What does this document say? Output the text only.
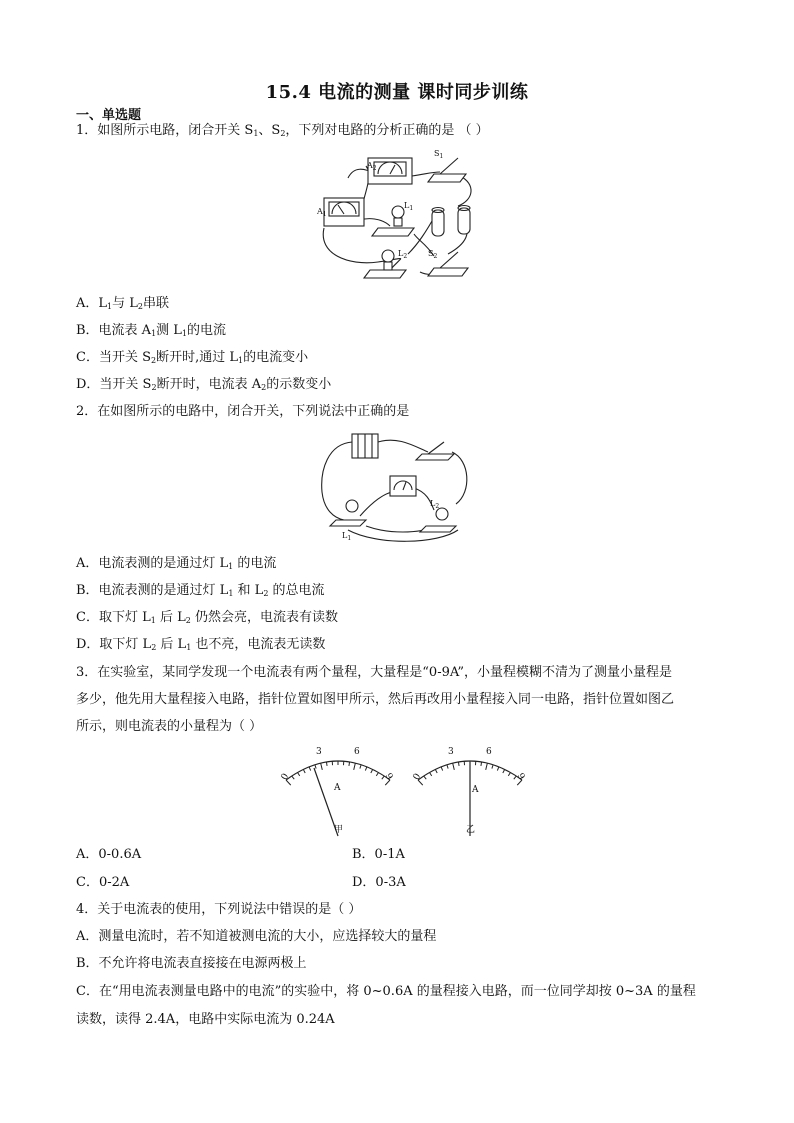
15.4 电流的测量 课时同步训练
一、单选题
1．如图所示电路，闭合开关 $S_1$、$S_2$，下列对电路的分析正确的是 （ ）
$A_2$
$A_1$
$S_1$
$L_1$
$L_2$	$S_2$
A．$L_1$与 $L_2$串联
B．电流表 $A_1$测 $L_1$的电流
C．当开关 $S_2$断开时,通过 $L_1$的电流变小
D．当开关 $S_2$断开时，电流表 $A_2$的示数变小
2．在如图所示的电路中，闭合开关，下列说法中正确的是
$L_1$
$L_2$
A．电流表测的是通过灯 $L_1$ 的电流
B．电流表测的是通过灯 $L_1$ 和 $L_2$ 的总电流
C．取下灯 $L_1$ 后 $L_2$ 仍然会亮，电流表有读数
D．取下灯 $L_2$ 后 $L_1$ 也不亮，电流表无读数
3．在实验室，某同学发现一个电流表有两个量程，大量程是“0-9A”，小量程模糊不清为了测量小量程是
多少，他先用大量程接入电路，指针位置如图甲所示，然后再改用小量程接入同一电路，指针位置如图乙
所示，则电流表的小量程为（ ）
0
3	6
9
A
甲
0
3	6
9
A
乙
A．0-0.6A	B．0-1A
C．0-2A	D．0-3A
4．关于电流表的使用，下列说法中错误的是（ ）
A．测量电流时，若不知道被测电流的大小，应选择较大的量程
B．不允许将电流表直接接在电源两极上
C．在“用电流表测量电路中的电流”的实验中，将 0~0.6A 的量程接入电路，而一位同学却按 0~3A 的量程
读数，读得 2.4A，电路中实际电流为 0.24A
